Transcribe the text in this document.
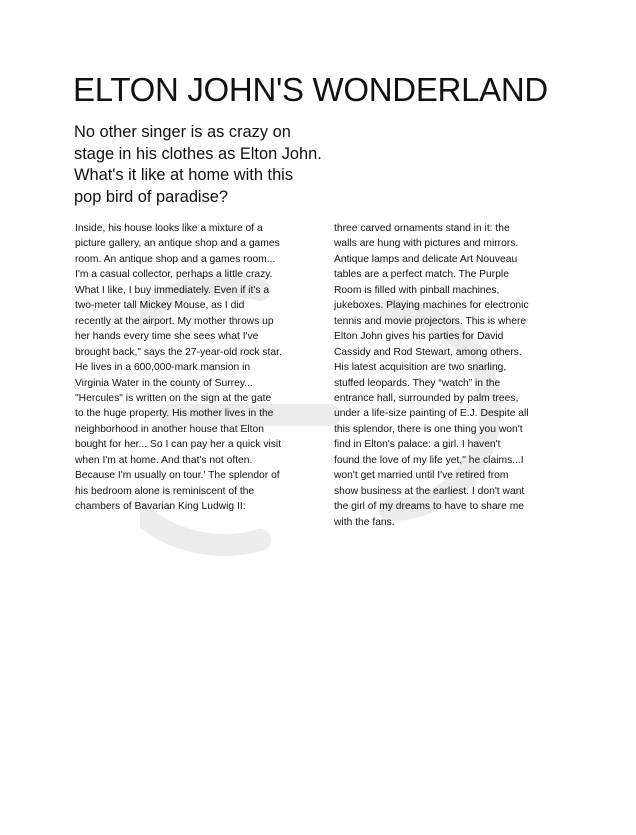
ELTON JOHN'S WONDERLAND

No other singer is as crazy on stage in his clothes as Elton John. What's it like at home with this pop bird of paradise?

Inside, his house looks like a mixture of a
picture gallery, an antique shop and a games
room. An antique shop and a games room...
I'm a casual collector, perhaps a little crazy.
What I like, I buy immediately. Even if it's a
two-meter tall Mickey Mouse, as I did
recently at the airport. My mother throws up
her hands every time she sees what I've
brought back," says the 27-year-old rock star.
He lives in a 600,000-mark mansion in
Virginia Water in the county of Surrey...
"Hercules" is written on the sign at the gate
to the huge property. His mother lives in the
neighborhood in another house that Elton
bought for her... So I can pay her a quick visit
when I'm at home. And that's not often.
Because I'm usually on tour.' The splendor of
his bedroom alone is reminiscent of the
chambers of Bavarian King Ludwig II:

three carved ornaments stand in it: the
walls are hung with pictures and mirrors.
Antique lamps and delicate Art Nouveau
tables are a perfect match. The Purple
Room is filled with pinball machines,
jukeboxes. Playing machines for electronic
tennis and movie projectors. This is where
Elton John gives his parties for David
Cassidy and Rod Stewart, among others.
His latest acquisition are two snarling,
stuffed leopards. They “watch” in the
entrance hall, surrounded by palm trees,
under a life-size painting of E.J. Despite all
this splendor, there is one thing you won't
find in Elton's palace: a girl. I haven't
found the love of my life yet," he claims...I
won't get married until I've retired from
show business at the earliest. I don't want
the girl of my dreams to have to share me
with the fans.
